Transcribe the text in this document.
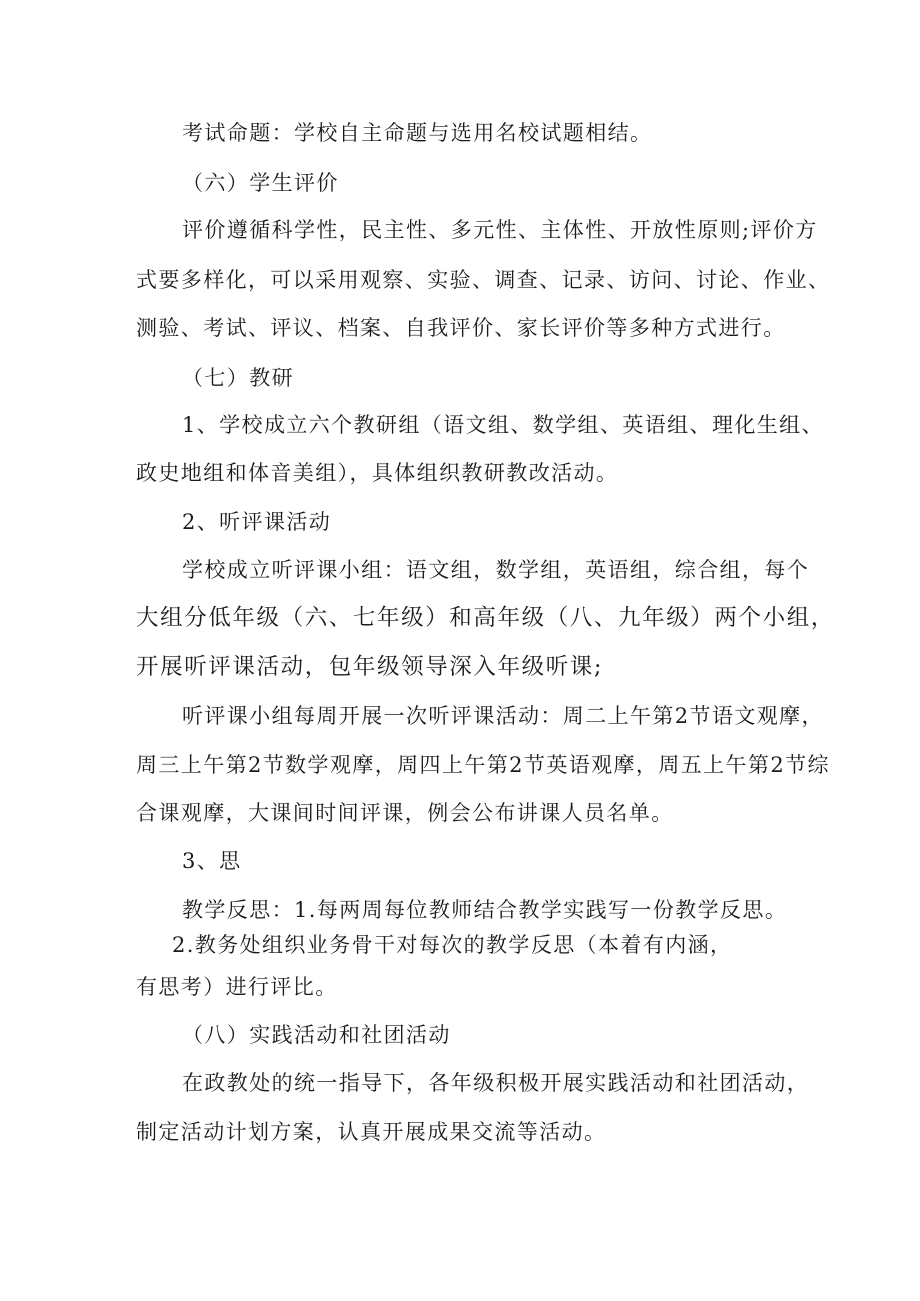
考试命题：学校自主命题与选用名校试题相结。
（六）学生评价
评价遵循科学性，民主性、多元性、主体性、开放性原则;评价方
式要多样化，可以采用观察、实验、调查、记录、访问、讨论、作业、
测验、考试、评议、档案、自我评价、家长评价等多种方式进行。
（七）教研
1、学校成立六个教研组（语文组、数学组、英语组、理化生组、
政史地组和体音美组），具体组织教研教改活动。
2、听评课活动
学校成立听评课小组：语文组，数学组，英语组，综合组，每个
大组分低年级（六、七年级）和高年级（八、九年级）两个小组，
开展听评课活动，包年级领导深入年级听课;
听评课小组每周开展一次听评课活动：周二上午第2节语文观摩，
周三上午第2节数学观摩，周四上午第2节英语观摩，周五上午第2节综
合课观摩，大课间时间评课，例会公布讲课人员名单。
3、思
教学反思：1.每两周每位教师结合教学实践写一份教学反思。
2.教务处组织业务骨干对每次的教学反思（本着有内涵，
有思考）进行评比。
（八）实践活动和社团活动
在政教处的统一指导下，各年级积极开展实践活动和社团活动，
制定活动计划方案，认真开展成果交流等活动。
